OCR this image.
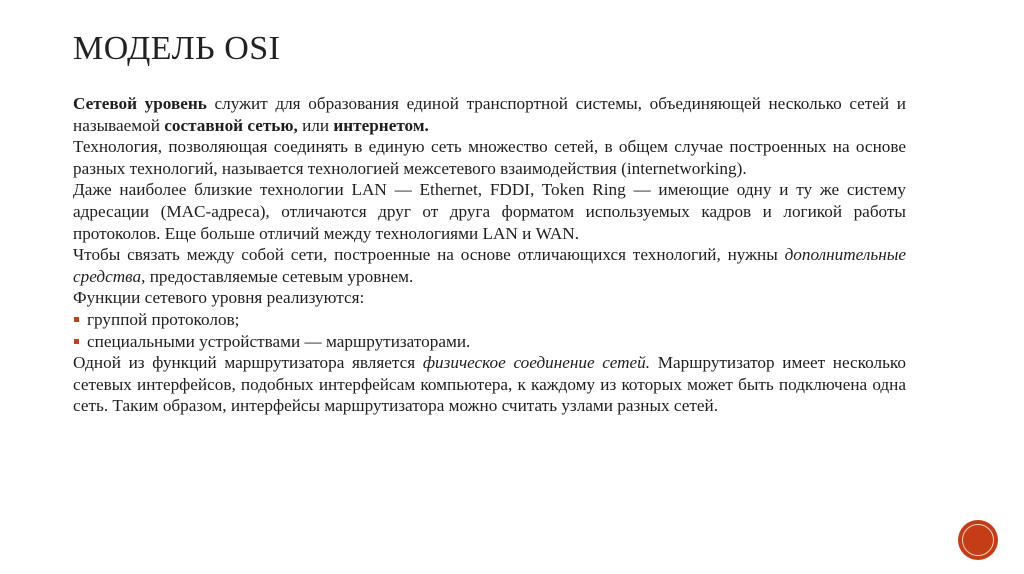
МОДЕЛЬ OSI

Сетевой уровень служит для образования единой транспортной системы, объединяющей несколько сетей и называемой составной сетью, или интернетом.

Технология, позволяющая соединять в единую сеть множество сетей, в общем случае построенных на основе разных технологий, называется технологией межсетевого взаимодействия (internetworking).

Даже наиболее близкие технологии LAN — Ethernet, FDDI, Token Ring — имеющие одну и ту же систему адресации (MAC-адреса), отличаются друг от друга форматом используемых кадров и логикой работы протоколов. Еще больше отличий между технологиями LAN и WAN.

Чтобы связать между собой сети, построенные на основе отличающихся технологий, нужны дополнительные средства, предоставляемые сетевым уровнем.

Функции сетевого уровня реализуются:

группой протоколов;
специальными устройствами — маршрутизаторами.

Одной из функций маршрутизатора является физическое соединение сетей. Маршрутизатор имеет несколько сетевых интерфейсов, подобных интерфейсам компьютера, к каждому из которых может быть подключена одна сеть. Таким образом, интерфейсы маршрутизатора можно считать узлами разных сетей.
